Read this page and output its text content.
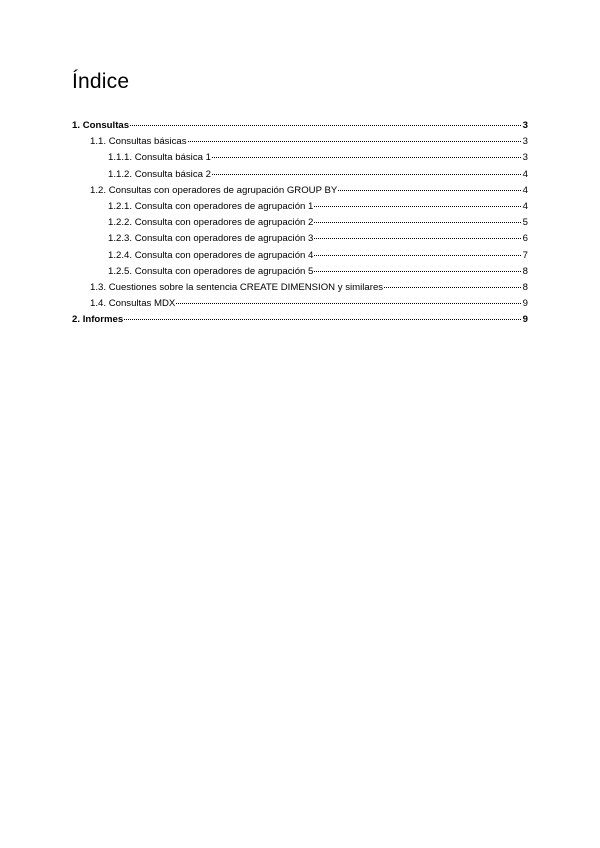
Índice
1. Consultas	3
1.1. Consultas básicas	3
1.1.1. Consulta básica 1	3
1.1.2. Consulta básica 2	4
1.2. Consultas con operadores de agrupación GROUP BY	4
1.2.1. Consulta con operadores de agrupación 1	4
1.2.2. Consulta con operadores de agrupación 2	5
1.2.3. Consulta con operadores de agrupación 3	6
1.2.4. Consulta con operadores de agrupación 4	7
1.2.5. Consulta con operadores de agrupación 5	8
1.3. Cuestiones sobre la sentencia CREATE DIMENSION y similares	8
1.4. Consultas MDX	9
2. Informes	9
